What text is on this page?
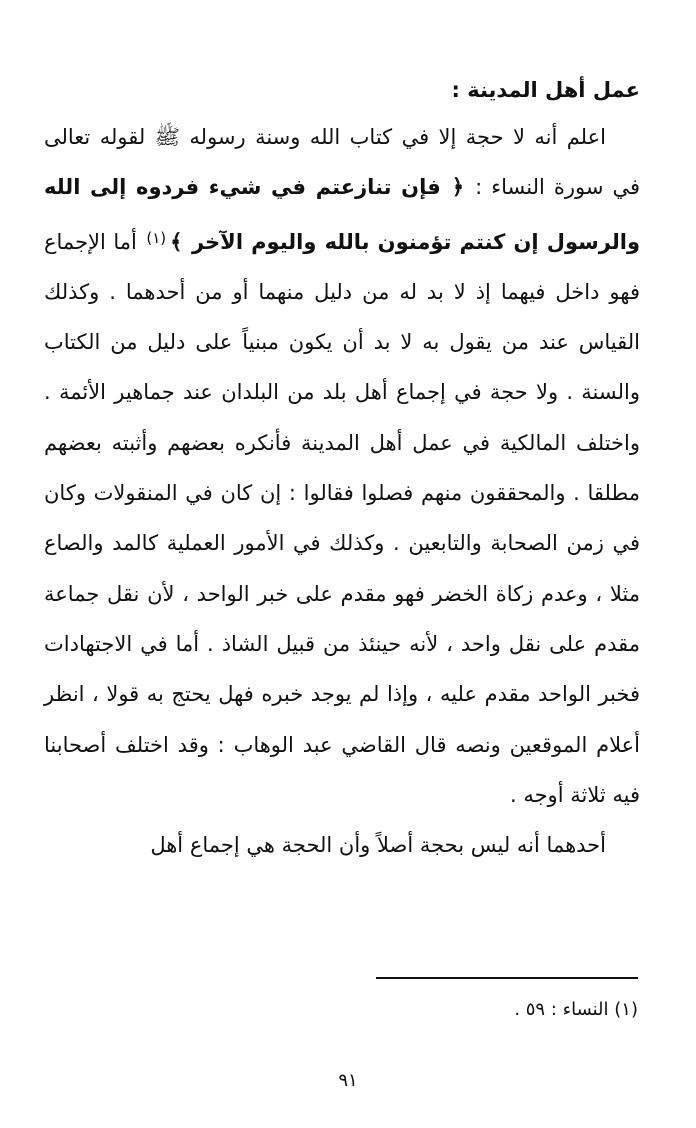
عمل أهل المدينة :

اعلم أنه لا حجة إلا في كتاب الله وسنة رسوله ﷺ لقوله تعالى في سورة النساء : ﴿ فإن تنازعتم في شيء فردوه إلى الله والرسول إن كنتم تؤمنون بالله واليوم الآخر ﴾$^{(١)}$ أما الإجماع فهو داخل فيهما إذ لا بد له من دليل منهما أو من أحدهما . وكذلك القياس عند من يقول به لا بد أن يكون مبنياً على دليل من الكتاب والسنة . ولا حجة في إجماع أهل بلد من البلدان عند جماهير الأئمة . واختلف المالكية في عمل أهل المدينة فأنكره بعضهم وأثبته بعضهم مطلقا . والمحققون منهم فصلوا فقالوا : إن كان في المنقولات وكان في زمن الصحابة والتابعين . وكذلك في الأمور العملية كالمد والصاع مثلا ، وعدم زكاة الخضر فهو مقدم على خبر الواحد ، لأن نقل جماعة مقدم على نقل واحد ، لأنه حينئذ من قبيل الشاذ . أما في الاجتهادات فخبر الواحد مقدم عليه ، وإذا لم يوجد خبره فهل يحتج به قولا ، انظر أعلام الموقعين ونصه قال القاضي عبد الوهاب : وقد اختلف أصحابنا فيه ثلاثة أوجه .

أحدهما أنه ليس بحجة أصلاً وأن الحجة هي إجماع أهل

(١) النساء : ٥٩ .
٩١
